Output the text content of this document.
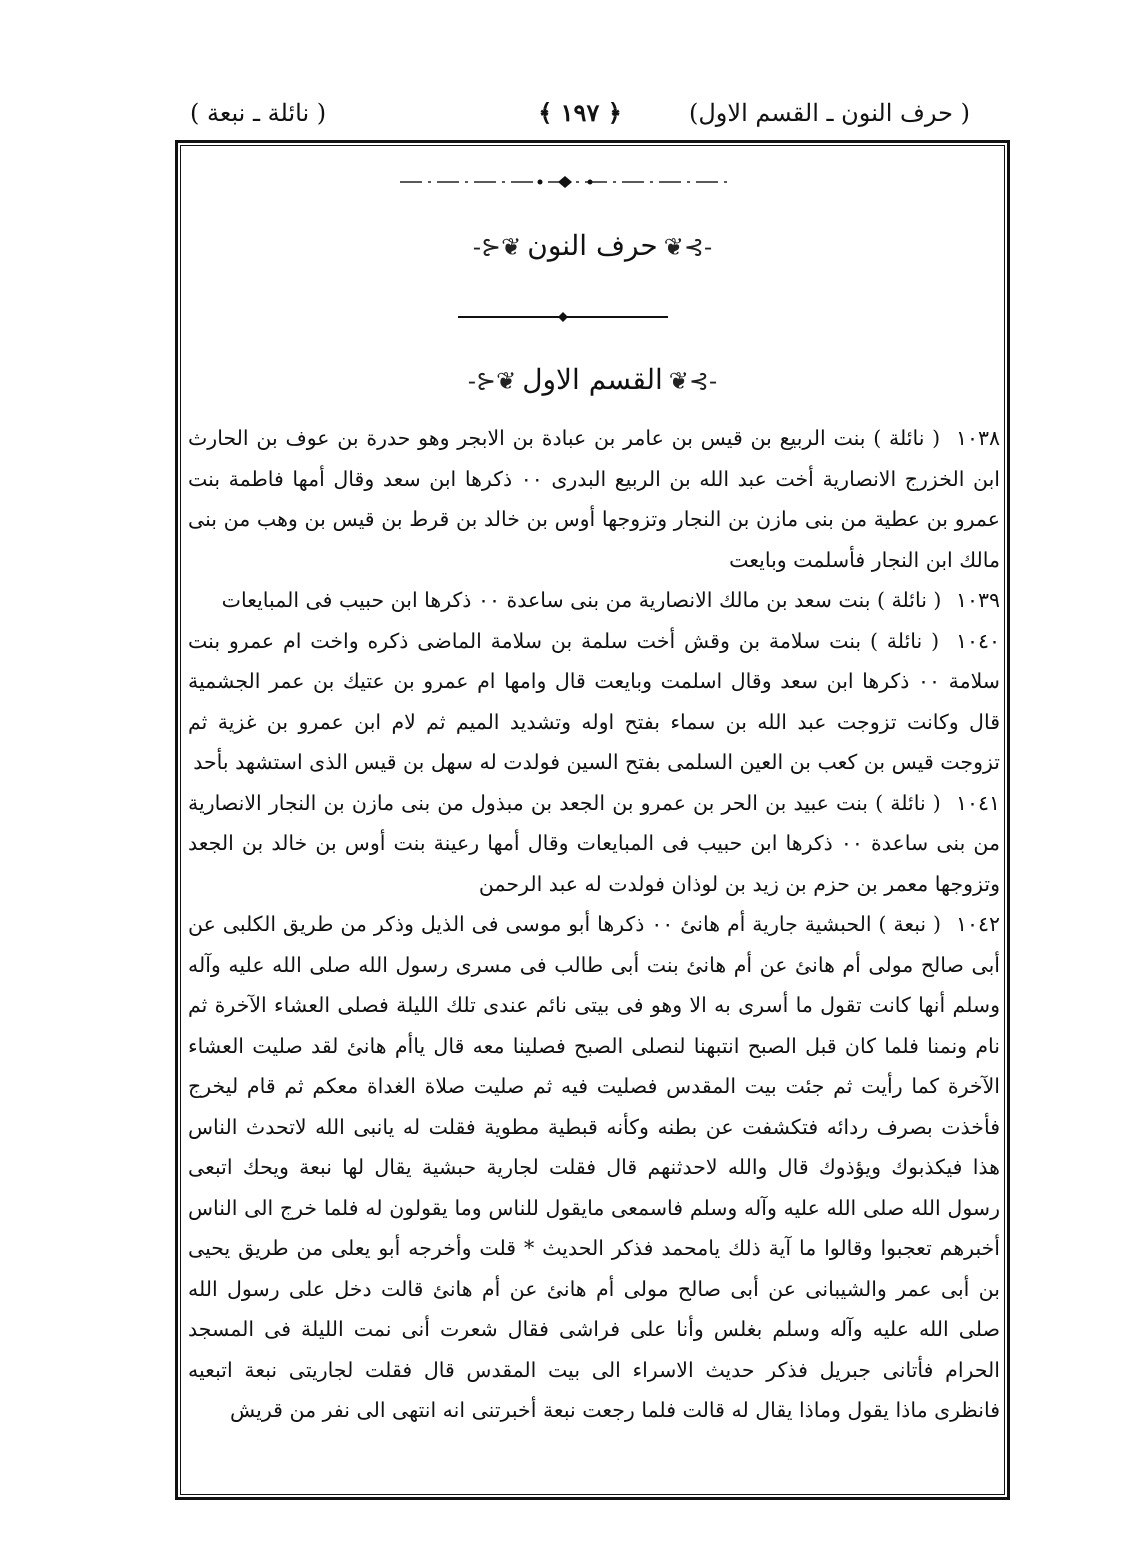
( حرف النون ـ القسم الاول)
﴿ ١٩٧ ﴾
( نائلة ـ نبعة )
-⊱❦حرف النون❦⊰-
-⊱❦القسم الاول❦⊰-

١٠٣٨ ( نائلة ) بنت الربيع بن قيس بن عامر بن عبادة بن الابجر وهو حدرة بن عوف بن الحارث ابن الخزرج الانصارية أخت عبد الله بن الربيع البدرى ٠٠ ذكرها ابن سعد وقال أمها فاطمة بنت عمرو بن عطية من بنى مازن بن النجار وتزوجها أوس بن خالد بن قرط بن قيس بن وهب من بنى مالك ابن النجار فأسلمت وبايعت

١٠٣٩ ( نائلة ) بنت سعد بن مالك الانصارية من بنى ساعدة ٠٠ ذكرها ابن حبيب فى المبايعات

١٠٤٠ ( نائلة ) بنت سلامة بن وقش أخت سلمة بن سلامة الماضى ذكره واخت ام عمرو بنت سلامة ٠٠ ذكرها ابن سعد وقال اسلمت وبايعت قال وامها ام عمرو بن عتيك بن عمر الجشمية قال وكانت تزوجت عبد الله بن سماء بفتح اوله وتشديد الميم ثم لام ابن عمرو بن غزية ثم تزوجت قيس بن كعب بن العين السلمى بفتح السين فولدت له سهل بن قيس الذى استشهد بأحد

١٠٤١ ( نائلة ) بنت عبيد بن الحر بن عمرو بن الجعد بن مبذول من بنى مازن بن النجار الانصارية من بنى ساعدة ٠٠ ذكرها ابن حبيب فى المبايعات وقال أمها رعينة بنت أوس بن خالد بن الجعد وتزوجها معمر بن حزم بن زيد بن لوذان فولدت له عبد الرحمن

١٠٤٢ ( نبعة ) الحبشية جارية أم هانئ ٠٠ ذكرها أبو موسى فى الذيل وذكر من طريق الكلبى عن أبى صالح مولى أم هانئ عن أم هانئ بنت أبى طالب فى مسرى رسول الله صلى الله عليه وآله وسلم أنها كانت تقول ما أسرى به الا وهو فى بيتى نائم عندى تلك الليلة فصلى العشاء الآخرة ثم نام ونمنا فلما كان قبل الصبح انتبهنا لنصلى الصبح فصلينا معه قال ياأم هانئ لقد صليت العشاء الآخرة كما رأيت ثم جئت بيت المقدس فصليت فيه ثم صليت صلاة الغداة معكم ثم قام ليخرج فأخذت بصرف ردائه فتكشفت عن بطنه وكأنه قبطية مطوية فقلت له يانبى الله لاتحدث الناس هذا فيكذبوك ويؤذوك قال والله لاحدثنهم قال فقلت لجارية حبشية يقال لها نبعة ويحك اتبعى رسول الله صلى الله عليه وآله وسلم فاسمعى مايقول للناس وما يقولون له فلما خرج الى الناس أخبرهم تعجبوا وقالوا ما آية ذلك يامحمد فذكر الحديث * قلت وأخرجه أبو يعلى من طريق يحيى بن أبى عمر والشيبانى عن أبى صالح مولى أم هانئ عن أم هانئ قالت دخل على رسول الله صلى الله عليه وآله وسلم بغلس وأنا على فراشى فقال شعرت أنى نمت الليلة فى المسجد الحرام فأتانى جبريل فذكر حديث الاسراء الى بيت المقدس قال فقلت لجاريتى نبعة اتبعيه فانظرى ماذا يقول وماذا يقال له قالت فلما رجعت نبعة أخبرتنى انه انتهى الى نفر من قريش
